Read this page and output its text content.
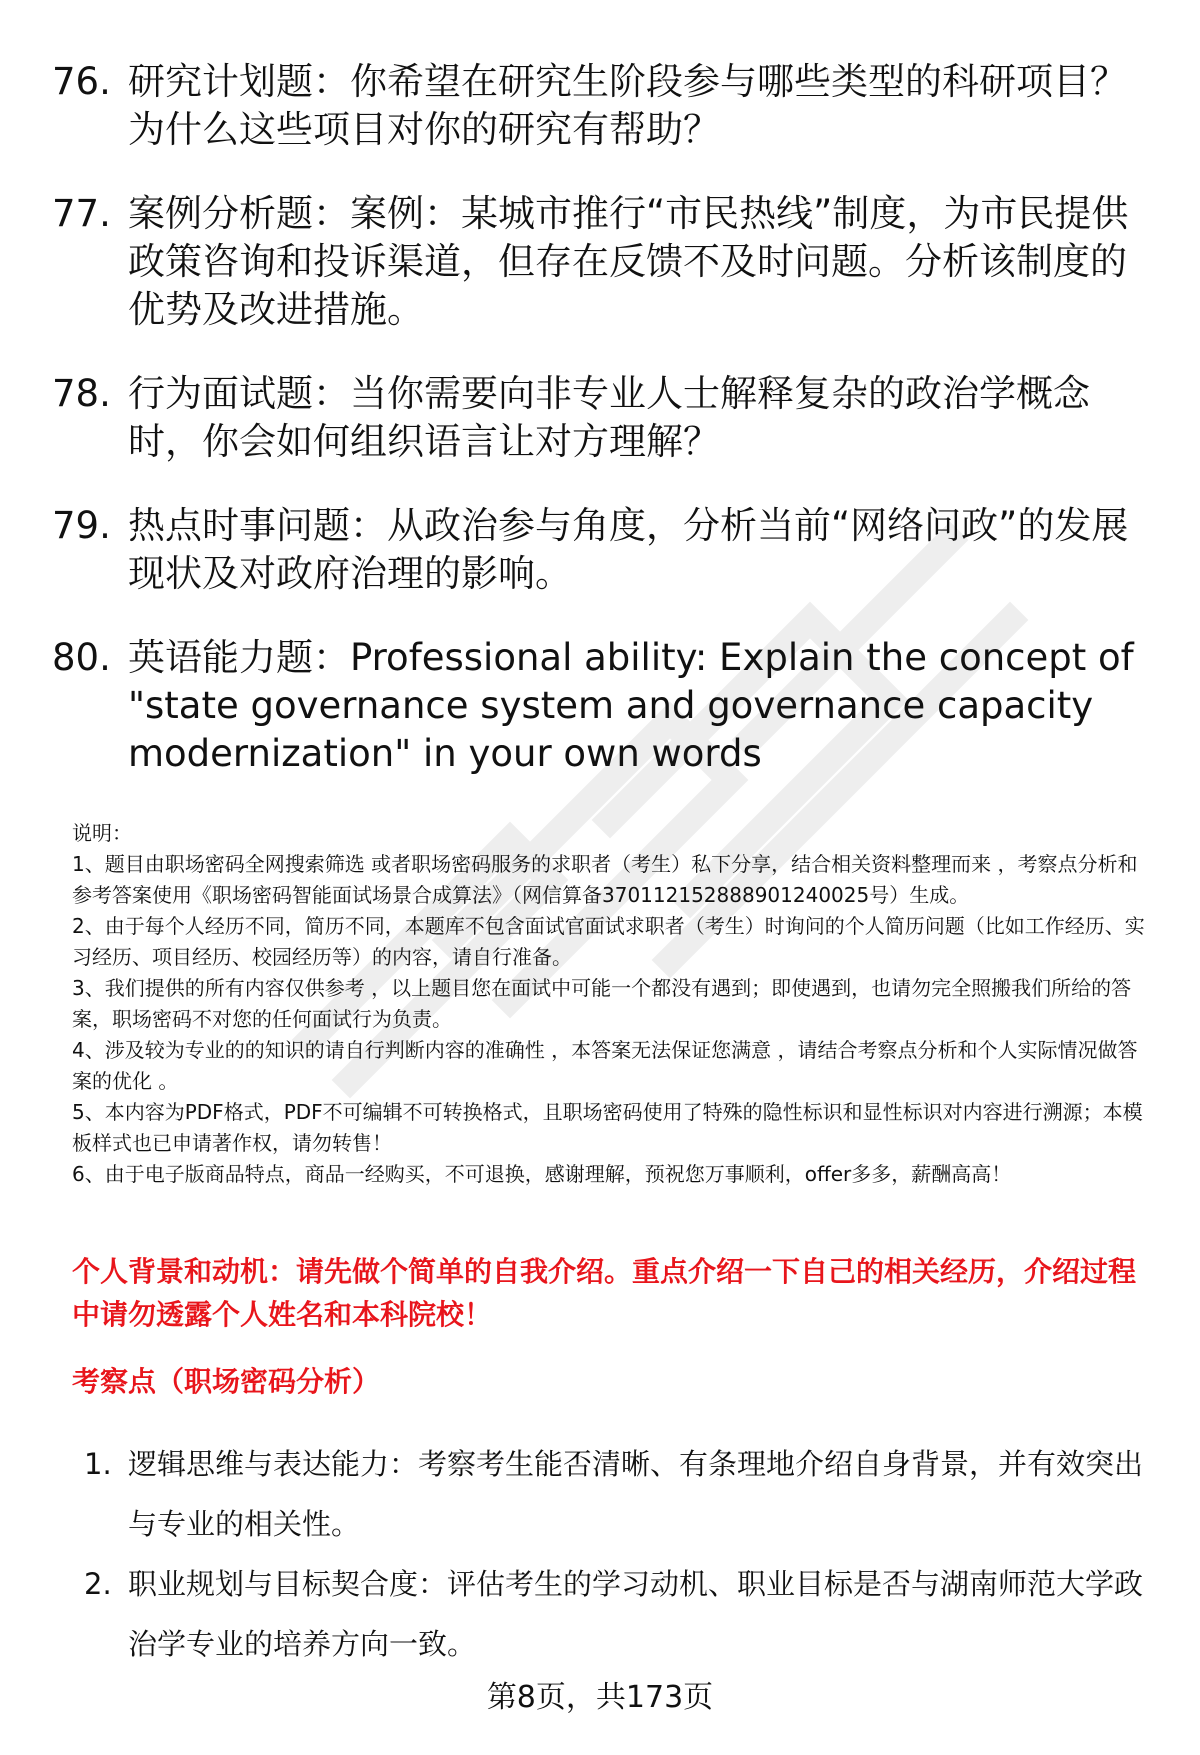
76. 研究计划题：你希望在研究生阶段参与哪些类型的科研项目？为什么这些项目对你的研究有帮助？
77. 案例分析题：案例：某城市推行“市民热线”制度，为市民提供政策咨询和投诉渠道，但存在反馈不及时问题。分析该制度的优势及改进措施。
78. 行为面试题：当你需要向非专业人士解释复杂的政治学概念时，你会如何组织语言让对方理解？
79. 热点时事问题：从政治参与角度，分析当前“网络问政”的发展现状及对政府治理的影响。
80. 英语能力题：Professional ability: Explain the concept of "state governance system and governance capacity modernization" in your own words

说明：

1、题目由职场密码全网搜索筛选 或者职场密码服务的求职者（考生）私下分享，结合相关资料整理而来 ，考察点分析和参考答案使用《职场密码智能面试场景合成算法》（网信算备370112152888901240025号）生成。

2、由于每个人经历不同，简历不同，本题库不包含面试官面试求职者（考生）时询问的个人简历问题（比如工作经历、实习经历、项目经历、校园经历等）的内容，请自行准备。

3、我们提供的所有内容仅供参考 ，以上题目您在面试中可能一个都没有遇到；即使遇到，也请勿完全照搬我们所给的答案，职场密码不对您的任何面试行为负责。

4、涉及较为专业的的知识的请自行判断内容的准确性 ，本答案无法保证您满意 ，请结合考察点分析和个人实际情况做答案的优化 。

5、本内容为PDF格式，PDF不可编辑不可转换格式，且职场密码使用了特殊的隐性标识和显性标识对内容进行溯源；本模板样式也已申请著作权，请勿转售！

6、由于电子版商品特点，商品一经购买，不可退换，感谢理解，预祝您万事顺利，offer多多，薪酬高高！

个人背景和动机：请先做个简单的自我介绍。重点介绍一下自己的相关经历，介绍过程中请勿透露个人姓名和本科院校！
考察点（职场密码分析）
1. 逻辑思维与表达能力：考察考生能否清晰、有条理地介绍自身背景，并有效突出与专业的相关性。
2. 职业规划与目标契合度：评估考生的学习动机、职业目标是否与湖南师范大学政治学专业的培养方向一致。
第8页，共173页
